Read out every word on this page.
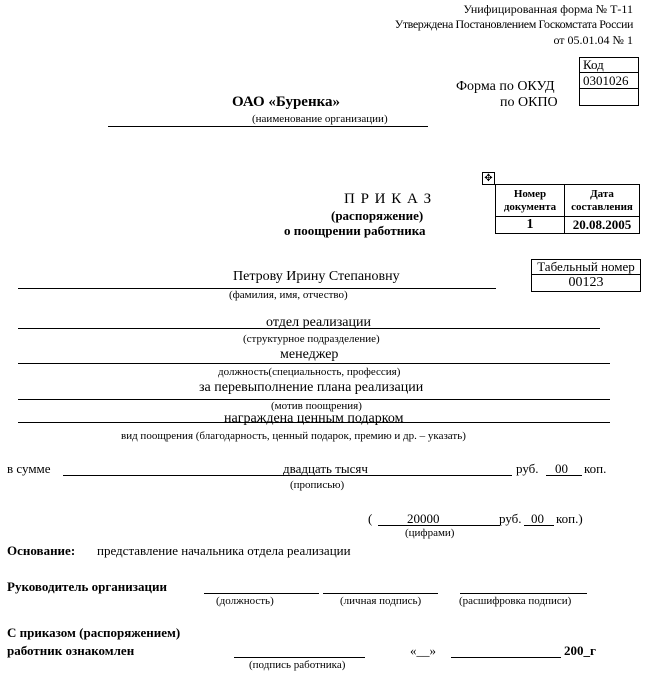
Унифицированная форма № Т-11
Утверждена Постановлением Госкомстата России
от 05.01.04 № 1
Форма по ОКУД
по ОКПО
Код
0301026

ОАО «Буренка»
(наименование организации)
П Р И К А З
(распоряжение)
о поощрении работника
✥
Номер
документа	Дата
составления
1	20.08.2005
Табельный номер
00123
Петрову Ирину Степановну
(фамилия, имя, отчество)
отдел реализации
(структурное подразделение)
менеджер
должность(специальность, профессия)
за перевыполнение плана реализации
(мотив поощрения)
награждена ценным подарком
вид поощрения (благодарность, ценный подарок, премию и др. – указать)
в сумме	двадцать тысяч	руб. 00 коп.
(прописью)
(	20000	руб. 00 коп.)
(цифрами)
Основание: представление начальника отдела реализации
Руководитель организации
(должность)	(личная подпись)	(расшифровка подписи)
С приказом (распоряжением)
работник ознакомлен
(подпись работника)
«__»	200_г
